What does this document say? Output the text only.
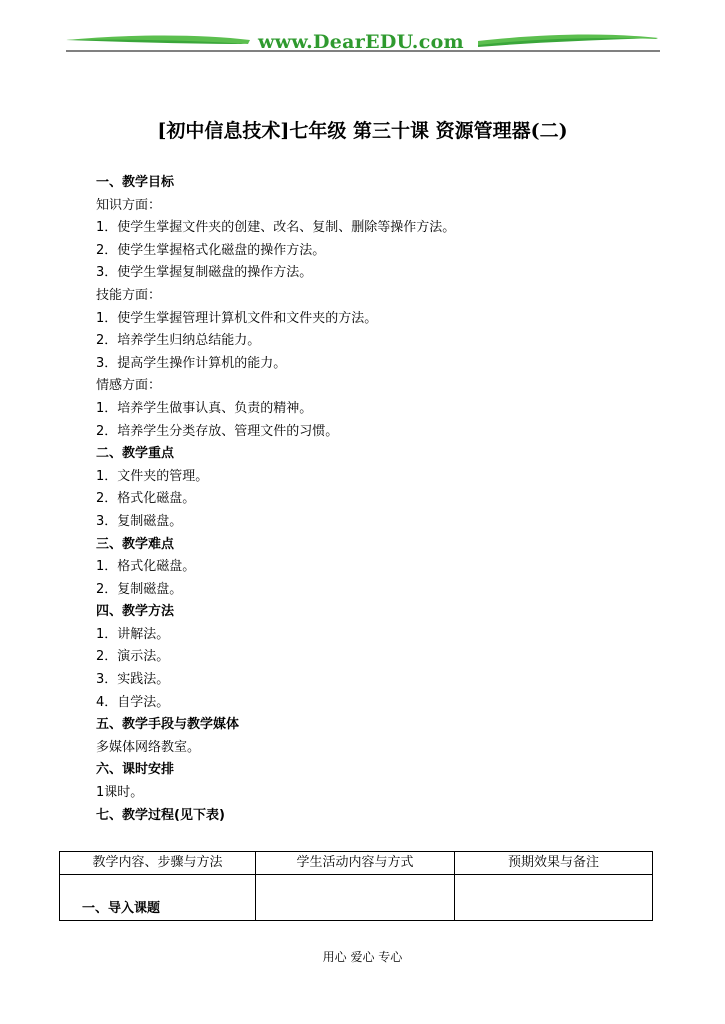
www.DearEDU.com
[初中信息技术]七年级 第三十课 资源管理器(二)
一、教学目标
知识方面：
1．使学生掌握文件夹的创建、改名、复制、删除等操作方法。
2．使学生掌握格式化磁盘的操作方法。
3．使学生掌握复制磁盘的操作方法。
技能方面：
1．使学生掌握管理计算机文件和文件夹的方法。
2．培养学生归纳总结能力。
3．提高学生操作计算机的能力。
情感方面：
1．培养学生做事认真、负责的精神。
2．培养学生分类存放、管理文件的习惯。
二、教学重点
1．文件夹的管理。
2．格式化磁盘。
3．复制磁盘。
三、教学难点
1．格式化磁盘。
2．复制磁盘。
四、教学方法
1．讲解法。
2．演示法。
3．实践法。
4．自学法。
五、教学手段与教学媒体
多媒体网络教室。
六、课时安排
1课时。
七、教学过程(见下表)
教学内容、步骤与方法	学生活动内容与方式	预期效果与备注

一、导入课题		

用心 爱心 专心
